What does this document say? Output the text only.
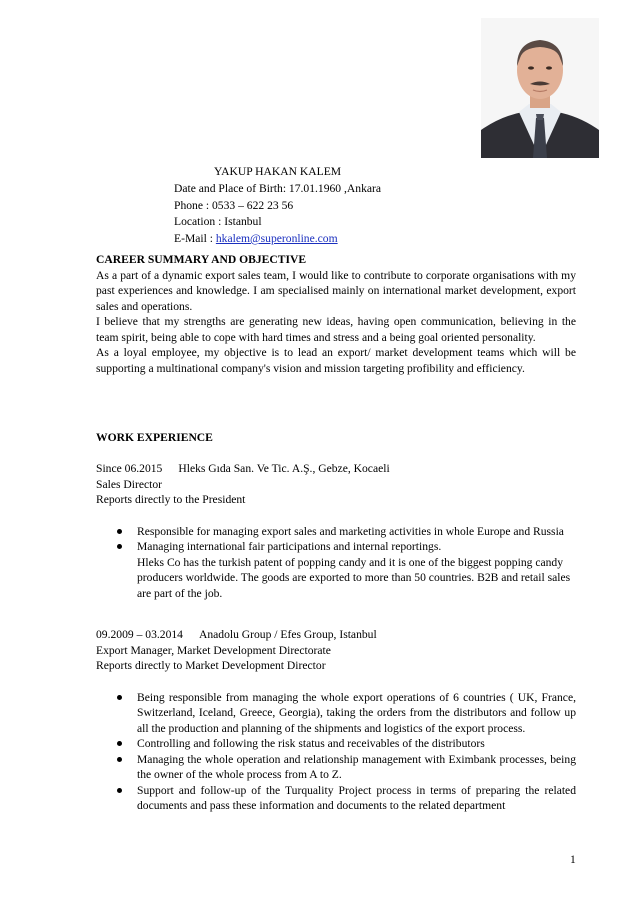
YAKUP HAKAN KALEM
Date and Place of Birth: 17.01.1960 ,Ankara
Phone : 0533 – 622 23 56
Location : Istanbul
E-Mail : hkalem@superonline.com
CAREER SUMMARY AND OBJECTIVE
As a part of a dynamic export sales team, I would like to contribute to corporate organisations with my past experiences and knowledge. I am specialised mainly on international market development, export sales and operations.
I believe that my strengths are generating new ideas, having open communication, believing in the team spirit, being able to cope with hard times and stress and a being goal oriented personality.
As a loyal employee, my objective is to lead an export/ market development teams which will be supporting a multinational company's vision and mission targeting profibility and efficiency.
WORK EXPERIENCE
Since 06.2015 Hleks Gıda San. Ve Tic. A.Ş., Gebze, Kocaeli
Sales Director
Reports directly to the President
Responsible for managing export sales and marketing activities in whole Europe and Russia
Managing international fair participations and internal reportings.
Hleks Co has the turkish patent of popping candy and it is one of the biggest popping candy producers worldwide. The goods are exported to more than 50 countries. B2B and retail sales are part of the job.
09.2009 – 03.2014 Anadolu Group / Efes Group, Istanbul
Export Manager, Market Development Directorate
Reports directly to Market Development Director
Being responsible from managing the whole export operations of 6 countries ( UK, France, Switzerland, Iceland, Greece, Georgia), taking the orders from the distributors and follow up all the production and planning of the shipments and logistics of the export process.
Controlling and following the risk status and receivables of the distributors
Managing the whole operation and relationship management with Eximbank processes, being the owner of the whole process from A to Z.
Support and follow-up of the Turquality Project process in terms of preparing the related documents and pass these information and documents to the related department
1
